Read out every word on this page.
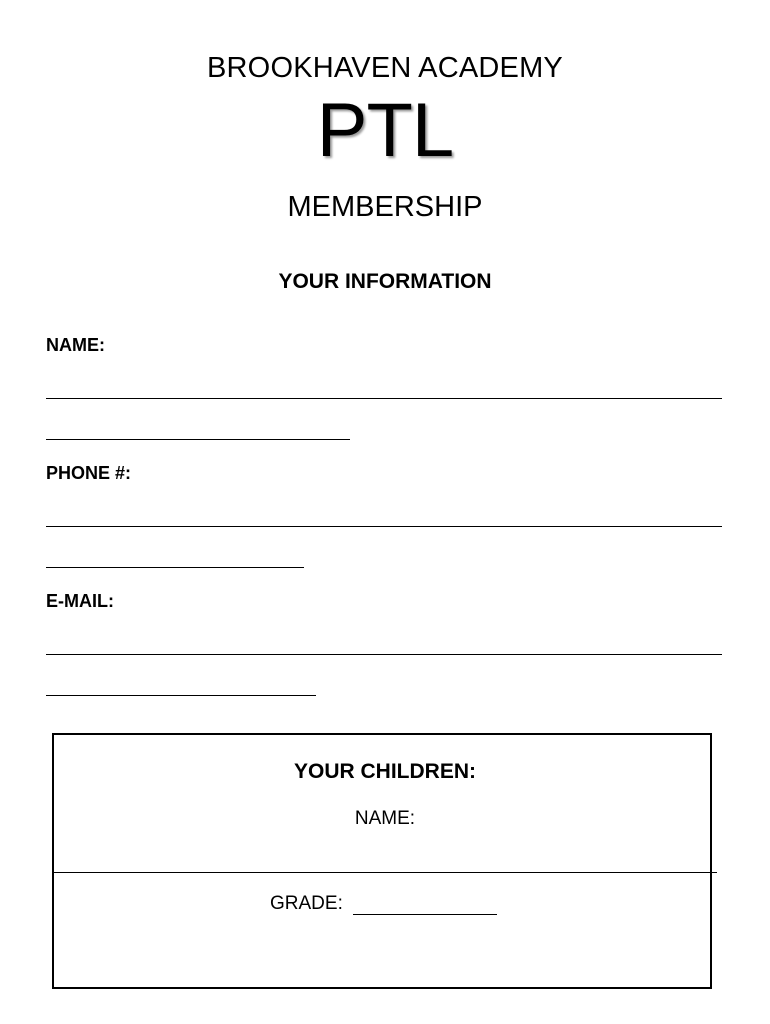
BROOKHAVEN ACADEMY
PTL
MEMBERSHIP
YOUR INFORMATION
NAME:
PHONE #:
E-MAIL:
YOUR CHILDREN:
NAME:
GRADE:
